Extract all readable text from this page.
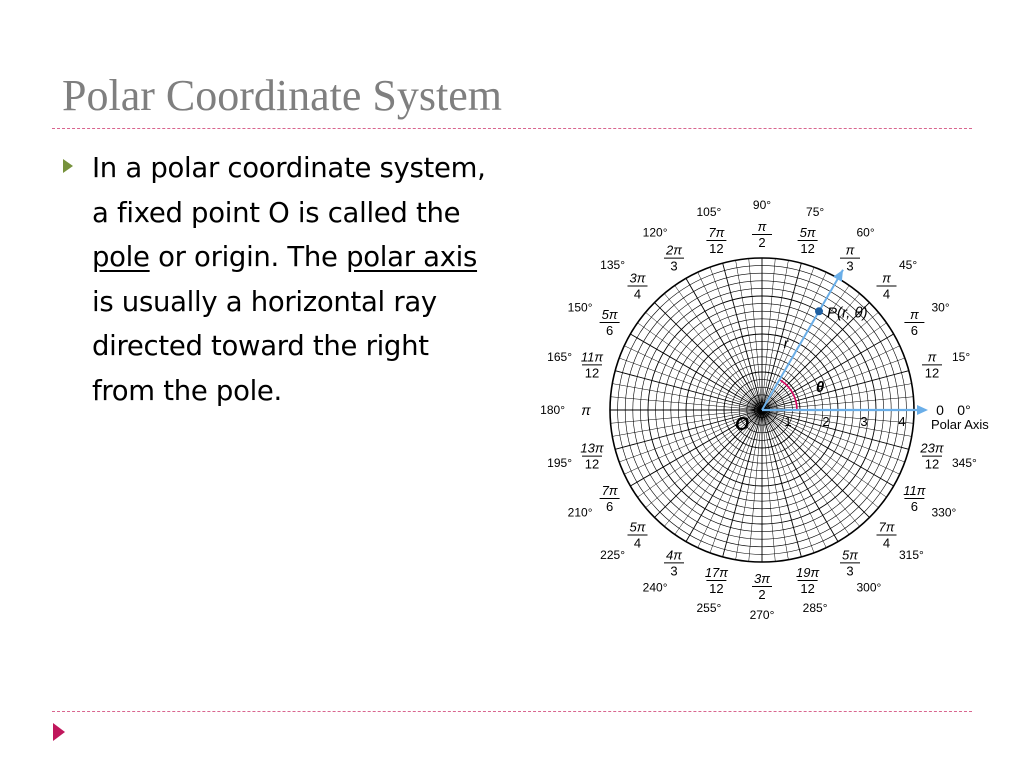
Polar Coordinate System
In a polar coordinate system, a fixed point O is called the pole or origin. The polar axis is usually a horizontal ray directed toward the right from the pole.
O
θ
P(r, θ)
r
1 2 3 4
0 0°
Polar Axis
π
12
15°
π
6
30°
π
4
45°
π
3
60°
5π
12
75°
π
2
90°
7π
12
105°
2π
3
120°
3π
4
135°
5π
6
150°
11π
12
165°
π
180°
13π
12
195°
7π
6
210°
5π
4
225°	4π
3
240°
17π
12
255°
3π
2
270°
19π
12
285°
5π
3
300°
7π
4
315°
11π
6 330°
23π
12 345°
